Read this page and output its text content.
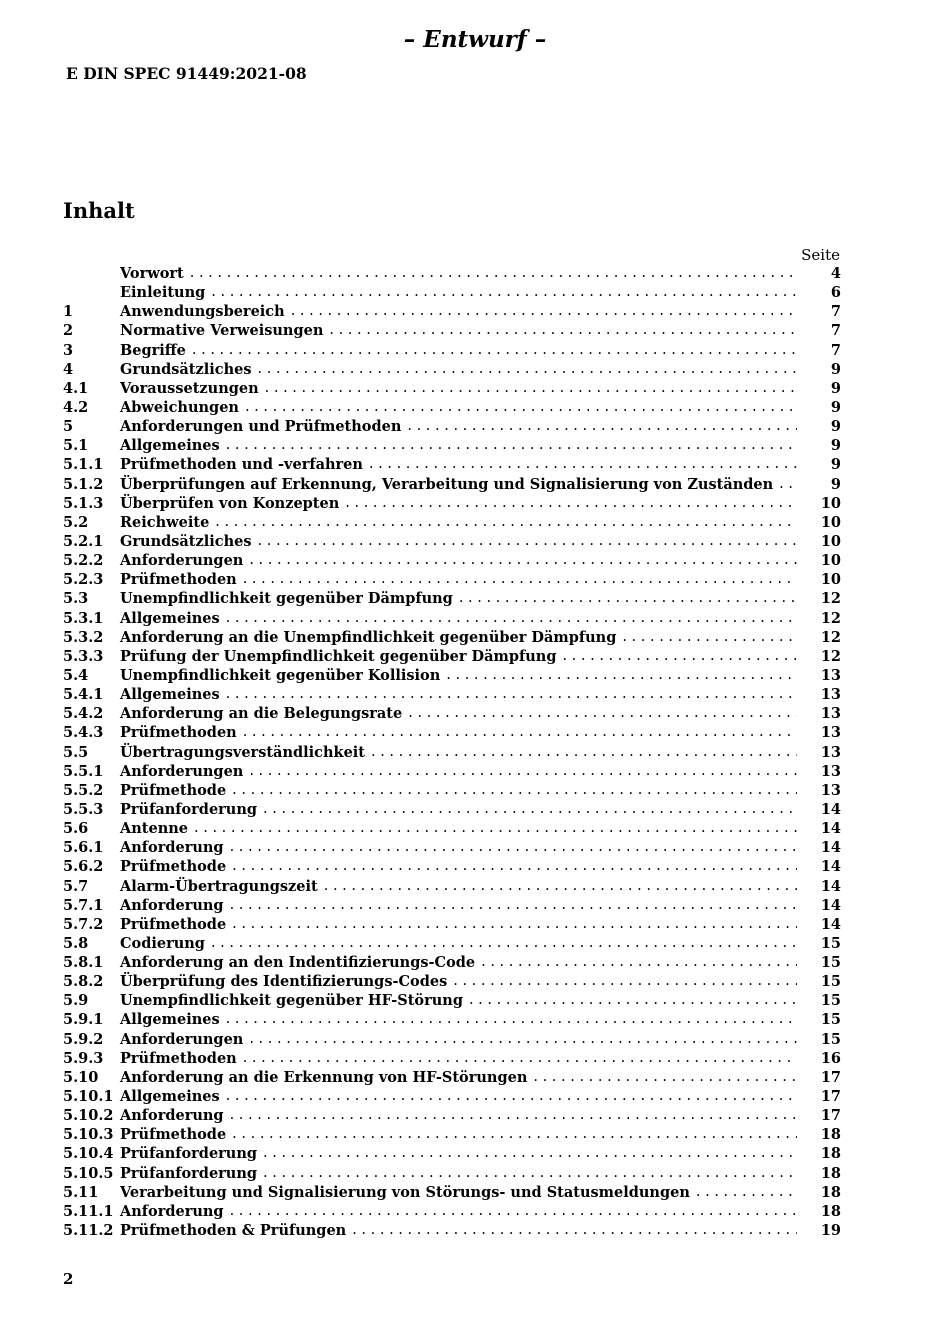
– Entwurf –
E DIN SPEC 91449:2021-08
Inhalt
Seite
Vorwort . . .	4
Einleitung . . .	6
1	Anwendungsbereich . . .	7
2	Normative Verweisungen . . .	7
3	Begriffe . . .	7
4	Grundsätzliches . . .	9
4.1	Voraussetzungen . . .	9
4.2	Abweichungen . . .	9
5	Anforderungen und Prüfmethoden . . .	9
5.1	Allgemeines . . .	9
5.1.1	Prüfmethoden und -verfahren . . .	9
5.1.2	Überprüfungen auf Erkennung, Verarbeitung und Signalisierung von Zuständen . . .	9
5.1.3	Überprüfen von Konzepten . . .	10
5.2	Reichweite . . .	10
5.2.1	Grundsätzliches . . .	10
5.2.2	Anforderungen . . .	10
5.2.3	Prüfmethoden . . .	10
5.3	Unempfindlichkeit gegenüber Dämpfung . . .	12
5.3.1	Allgemeines . . .	12
5.3.2	Anforderung an die Unempfindlichkeit gegenüber Dämpfung . . .	12
5.3.3	Prüfung der Unempfindlichkeit gegenüber Dämpfung . . .	12
5.4	Unempfindlichkeit gegenüber Kollision . . .	13
5.4.1	Allgemeines . . .	13
5.4.2	Anforderung an die Belegungsrate . . .	13
5.4.3	Prüfmethoden . . .	13
5.5	Übertragungsverständlichkeit . . .	13
5.5.1	Anforderungen . . .	13
5.5.2	Prüfmethode . . .	13
5.5.3	Prüfanforderung . . .	14
5.6	Antenne . . .	14
5.6.1	Anforderung . . .	14
5.6.2	Prüfmethode . . .	14
5.7	Alarm-Übertragungszeit . . .	14
5.7.1	Anforderung . . .	14
5.7.2	Prüfmethode . . .	14
5.8	Codierung . . .	15
5.8.1	Anforderung an den Indentifizierungs-Code . . .	15
5.8.2	Überprüfung des Identifizierungs-Codes . . .	15
5.9	Unempfindlichkeit gegenüber HF-Störung . . .	15
5.9.1	Allgemeines . . .	15
5.9.2	Anforderungen . . .	15
5.9.3	Prüfmethoden . . .	16
5.10	Anforderung an die Erkennung von HF-Störungen . . .	17
5.10.1 Allgemeines . . .	17
5.10.2 Anforderung . . .	17
5.10.3 Prüfmethode . . .	18
5.10.4 Prüfanforderung . . .	18
5.10.5 Prüfanforderung . . .	18
5.11	Verarbeitung und Signalisierung von Störungs- und Statusmeldungen . . .	18
5.11.1 Anforderung . . .	18
5.11.2 Prüfmethoden & Prüfungen . . .	19
2
